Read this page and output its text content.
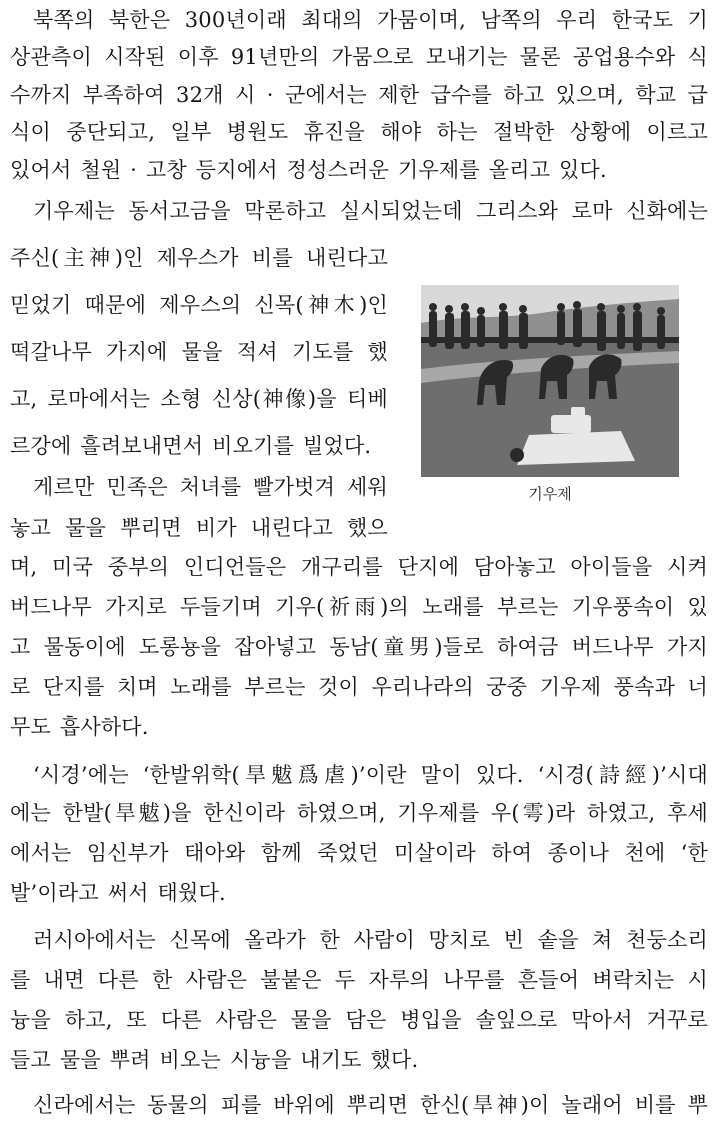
북쪽의 북한은 300년이래 최대의 가뭄이며, 남쪽의 우리 한국도 기
상관측이 시작된 이후 91년만의 가뭄으로 모내기는 물론 공업용수와 식
수까지 부족하여 32개 시 · 군에서는 제한 급수를 하고 있으며, 학교 급
식이 중단되고, 일부 병원도 휴진을 해야 하는 절박한 상황에 이르고
있어서 철원 · 고창 등지에서 정성스러운 기우제를 올리고 있다.
기우제는 동서고금을 막론하고 실시되었는데 그리스와 로마 신화에는
주신(主神)인 제우스가 비를 내린다고
믿었기 때문에 제우스의 신목(神木)인
떡갈나무 가지에 물을 적셔 기도를 했
고, 로마에서는 소형 신상(神像)을 티베
르강에 흘려보내면서 비오기를 빌었다.
게르만 민족은 처녀를 빨가벗겨 세워
놓고 물을 뿌리면 비가 내린다고 했으
며, 미국 중부의 인디언들은 개구리를 단지에 담아놓고 아이들을 시켜
버드나무 가지로 두들기며 기우(祈雨)의 노래를 부르는 기우풍속이 있
고 물동이에 도롱뇽을 잡아넣고 동남(童男)들로 하여금 버드나무 가지
로 단지를 치며 노래를 부르는 것이 우리나라의 궁중 기우제 풍속과 너
무도 흡사하다.
‘시경’에는 ‘한발위학(旱魃爲虐)’이란 말이 있다. ‘시경(詩經)’시대
에는 한발(旱魃)을 한신이라 하였으며, 기우제를 우(雩)라 하였고, 후세
에서는 임신부가 태아와 함께 죽었던 미살이라 하여 종이나 천에 ‘한
발’이라고 써서 태웠다.
러시아에서는 신목에 올라가 한 사람이 망치로 빈 솥을 쳐 천둥소리
를 내면 다른 한 사람은 불붙은 두 자루의 나무를 흔들어 벼락치는 시
늉을 하고, 또 다른 사람은 물을 담은 병입을 솔잎으로 막아서 거꾸로
들고 물을 뿌려 비오는 시늉을 내기도 했다.
신라에서는 동물의 피를 바위에 뿌리면 한신(旱神)이 놀래어 비를 뿌
기우제
